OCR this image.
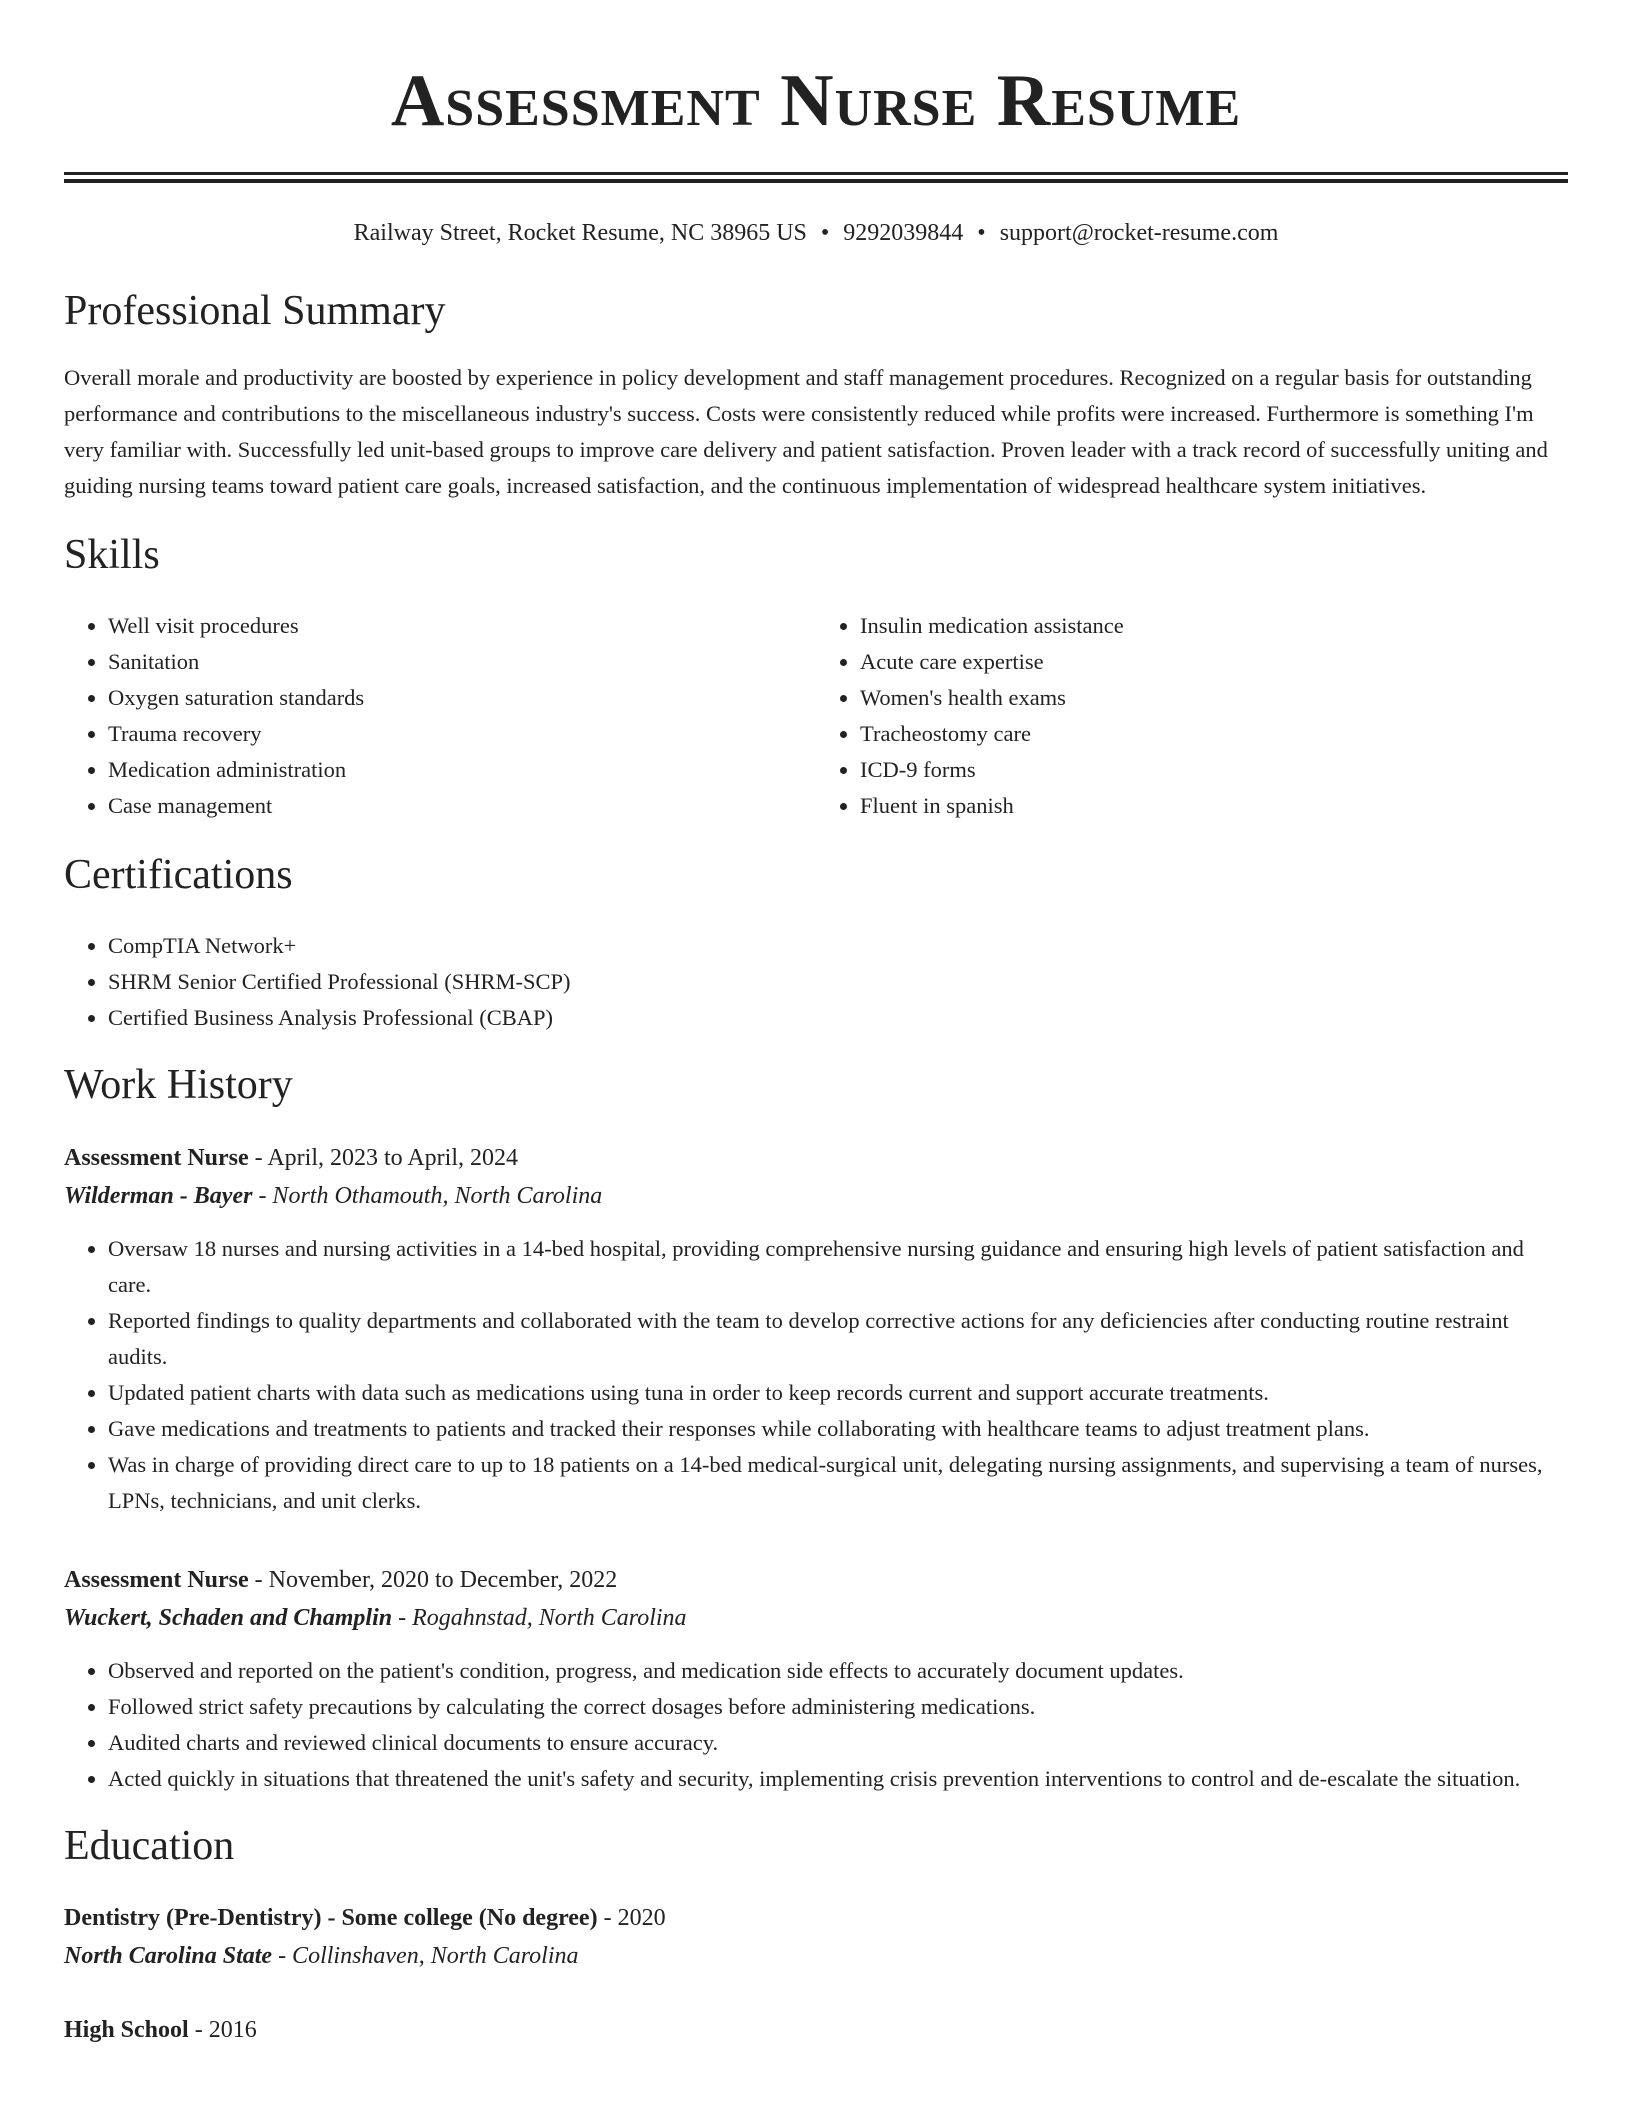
Assessment Nurse Resume
Railway Street, Rocket Resume, NC 38965 US • 9292039844 • support@rocket-resume.com
Professional Summary
Overall morale and productivity are boosted by experience in policy development and staff management procedures. Recognized on a regular basis for outstanding performance and contributions to the miscellaneous industry's success. Costs were consistently reduced while profits were increased. Furthermore is something I'm very familiar with. Successfully led unit-based groups to improve care delivery and patient satisfaction. Proven leader with a track record of successfully uniting and guiding nursing teams toward patient care goals, increased satisfaction, and the continuous implementation of widespread healthcare system initiatives.
Skills
• Well visit procedures
• Sanitation
• Oxygen saturation standards
• Trauma recovery
• Medication administration
• Case management
• Insulin medication assistance
• Acute care expertise
• Women's health exams
• Tracheostomy care
• ICD-9 forms
• Fluent in spanish
Certifications
• CompTIA Network+
• SHRM Senior Certified Professional (SHRM-SCP)
• Certified Business Analysis Professional (CBAP)
Work History
Assessment Nurse - April, 2023 to April, 2024
Wilderman - Bayer - North Othamouth, North Carolina
• Oversaw 18 nurses and nursing activities in a 14-bed hospital, providing comprehensive nursing guidance and ensuring high levels of patient satisfaction and care.
• Reported findings to quality departments and collaborated with the team to develop corrective actions for any deficiencies after conducting routine restraint audits.
• Updated patient charts with data such as medications using tuna in order to keep records current and support accurate treatments.
• Gave medications and treatments to patients and tracked their responses while collaborating with healthcare teams to adjust treatment plans.
• Was in charge of providing direct care to up to 18 patients on a 14-bed medical-surgical unit, delegating nursing assignments, and supervising a team of nurses, LPNs, technicians, and unit clerks.
Assessment Nurse - November, 2020 to December, 2022
Wuckert, Schaden and Champlin - Rogahnstad, North Carolina
• Observed and reported on the patient's condition, progress, and medication side effects to accurately document updates.
• Followed strict safety precautions by calculating the correct dosages before administering medications.
• Audited charts and reviewed clinical documents to ensure accuracy.
• Acted quickly in situations that threatened the unit's safety and security, implementing crisis prevention interventions to control and de-escalate the situation.
Education
Dentistry (Pre-Dentistry) - Some college (No degree) - 2020
North Carolina State - Collinshaven, North Carolina
High School - 2016
